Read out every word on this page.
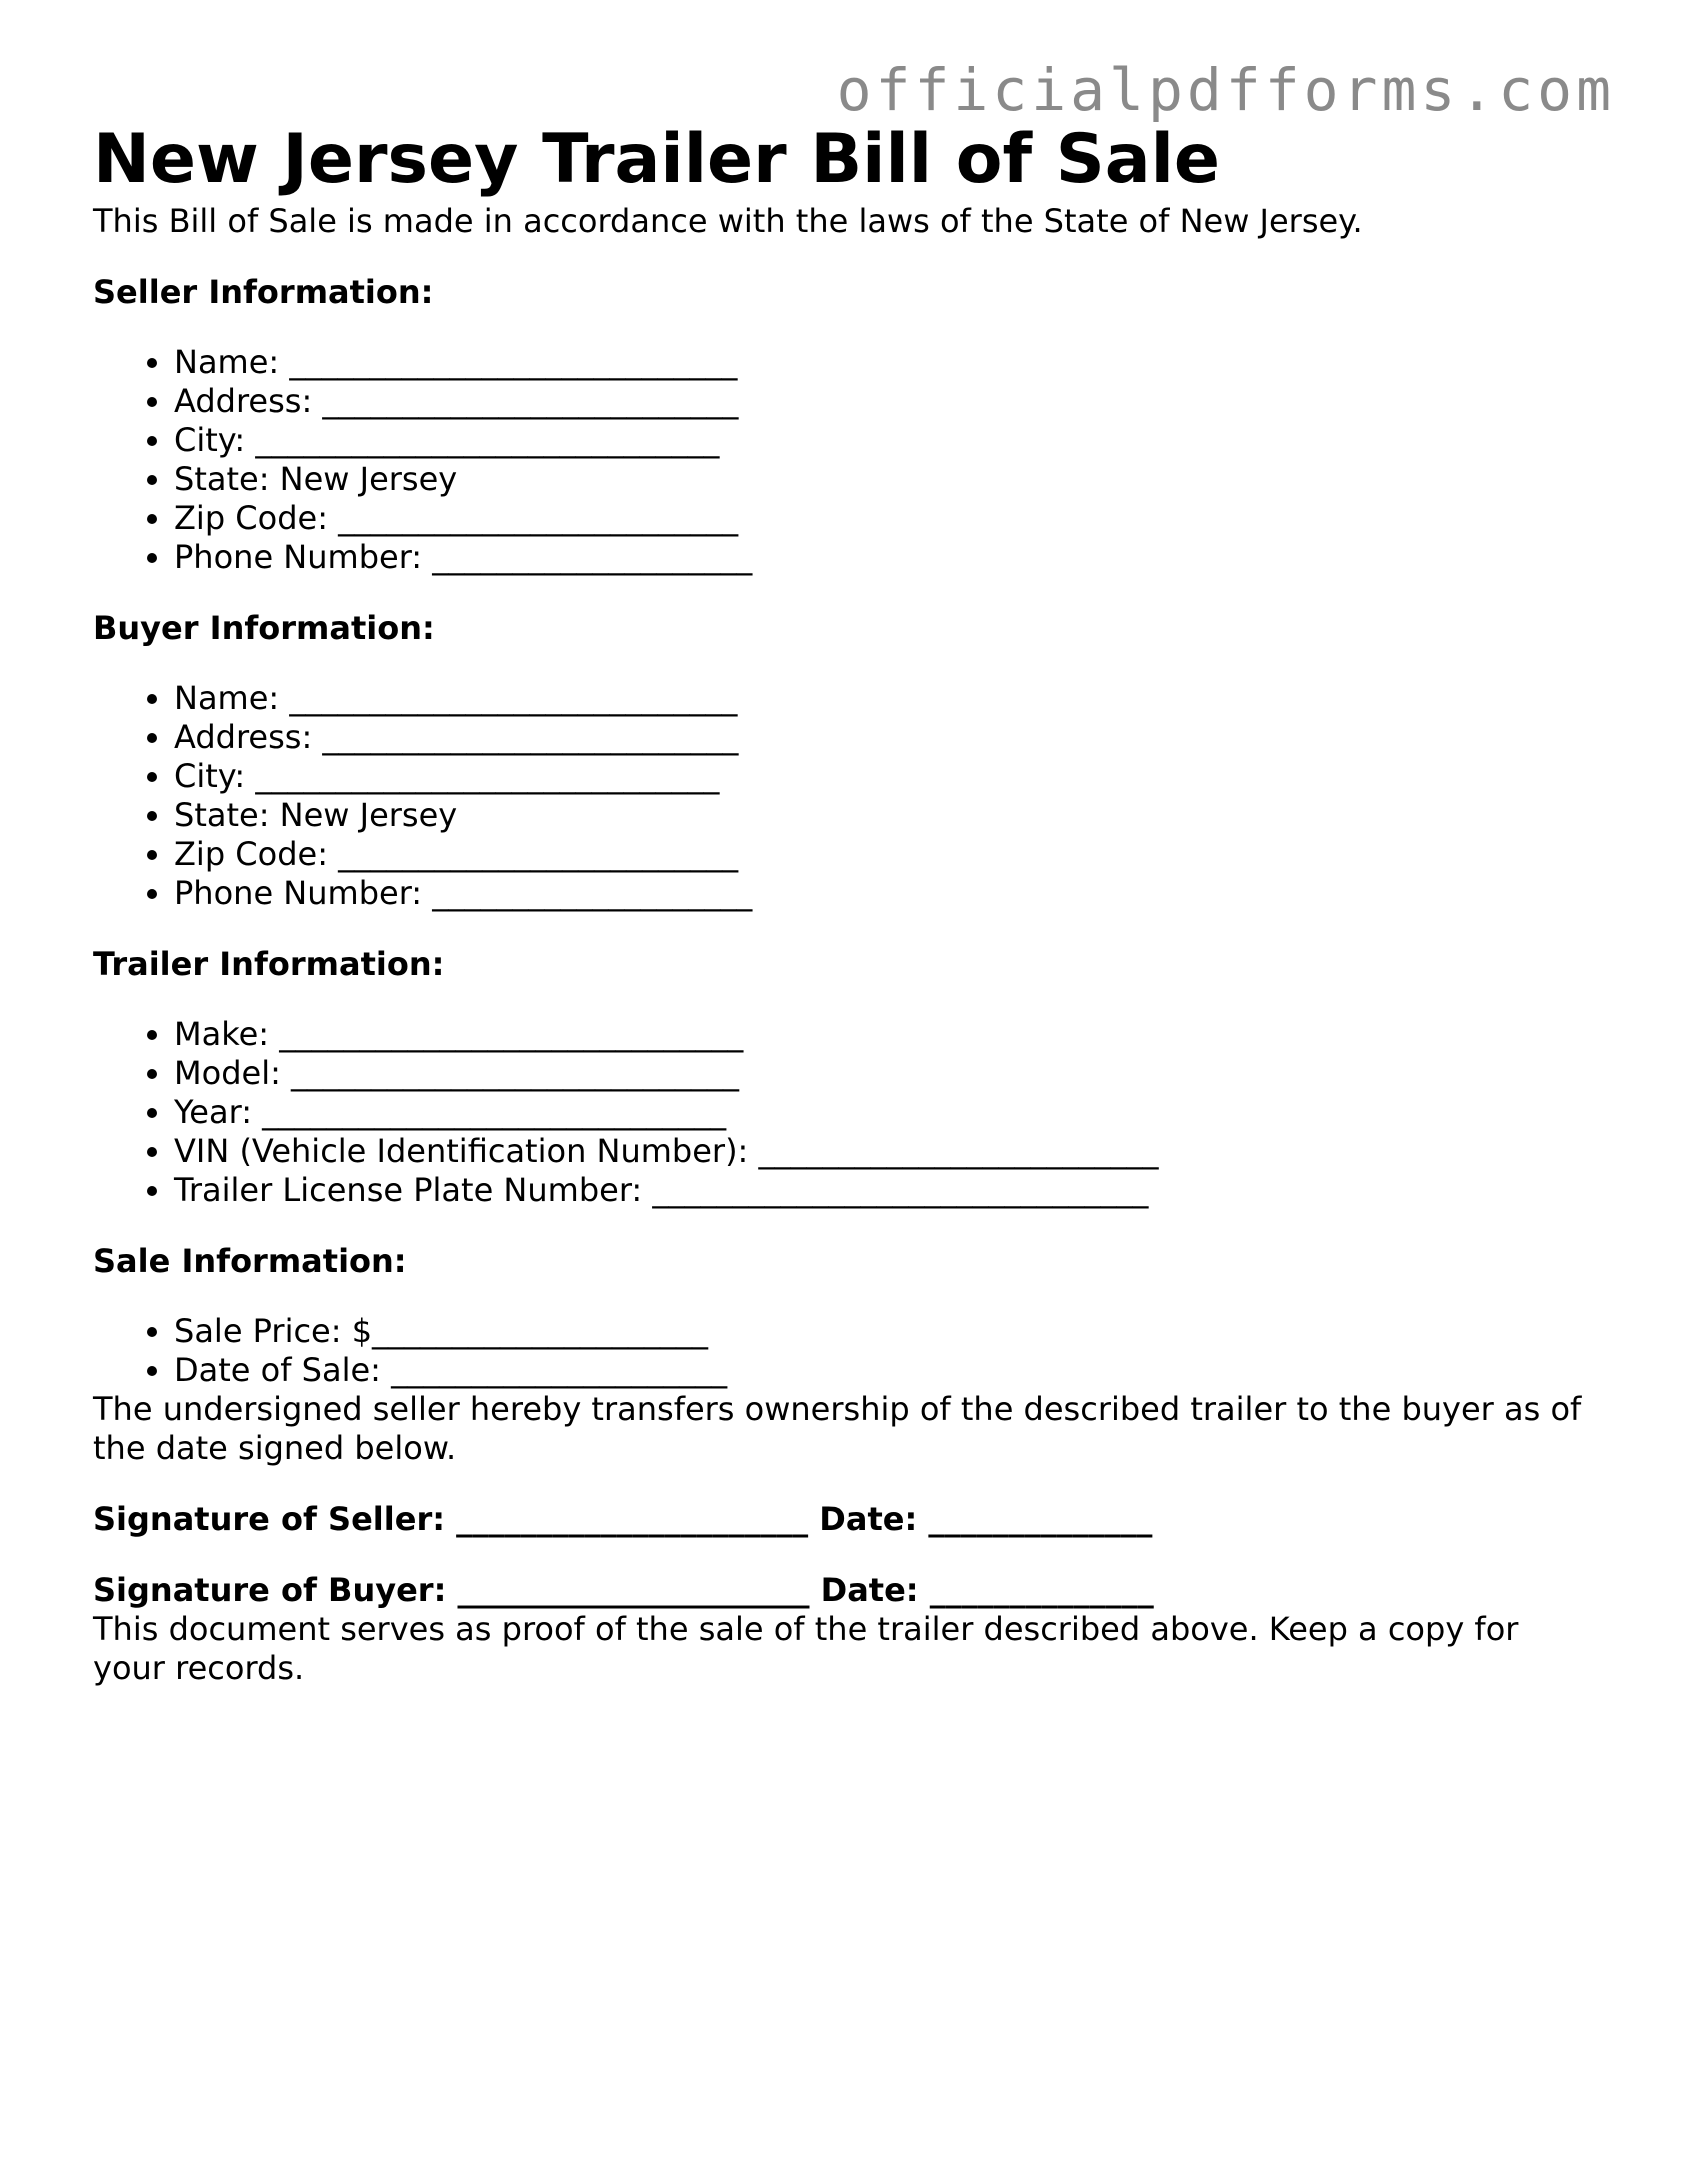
officialpdfforms.com
New Jersey Trailer Bill of Sale

This Bill of Sale is made in accordance with the laws of the State of New Jersey.

Seller Information:

• Name: ____________________________
• Address: __________________________
• City: _____________________________
• State: New Jersey
• Zip Code: _________________________
• Phone Number: ____________________

Buyer Information:

• Name: ____________________________
• Address: __________________________
• City: _____________________________
• State: New Jersey
• Zip Code: _________________________
• Phone Number: ____________________

Trailer Information:

• Make: _____________________________
• Model: ____________________________
• Year: _____________________________
• VIN (Vehicle Identification Number): _________________________
• Trailer License Plate Number: _______________________________

Sale Information:

• Sale Price: $_____________________
• Date of Sale: _____________________

The undersigned seller hereby transfers ownership of the described trailer to the buyer as of the date signed below.

Signature of Seller: ______________________ Date: ______________

Signature of Buyer: ______________________ Date: ______________

This document serves as proof of the sale of the trailer described above. Keep a copy for your records.
